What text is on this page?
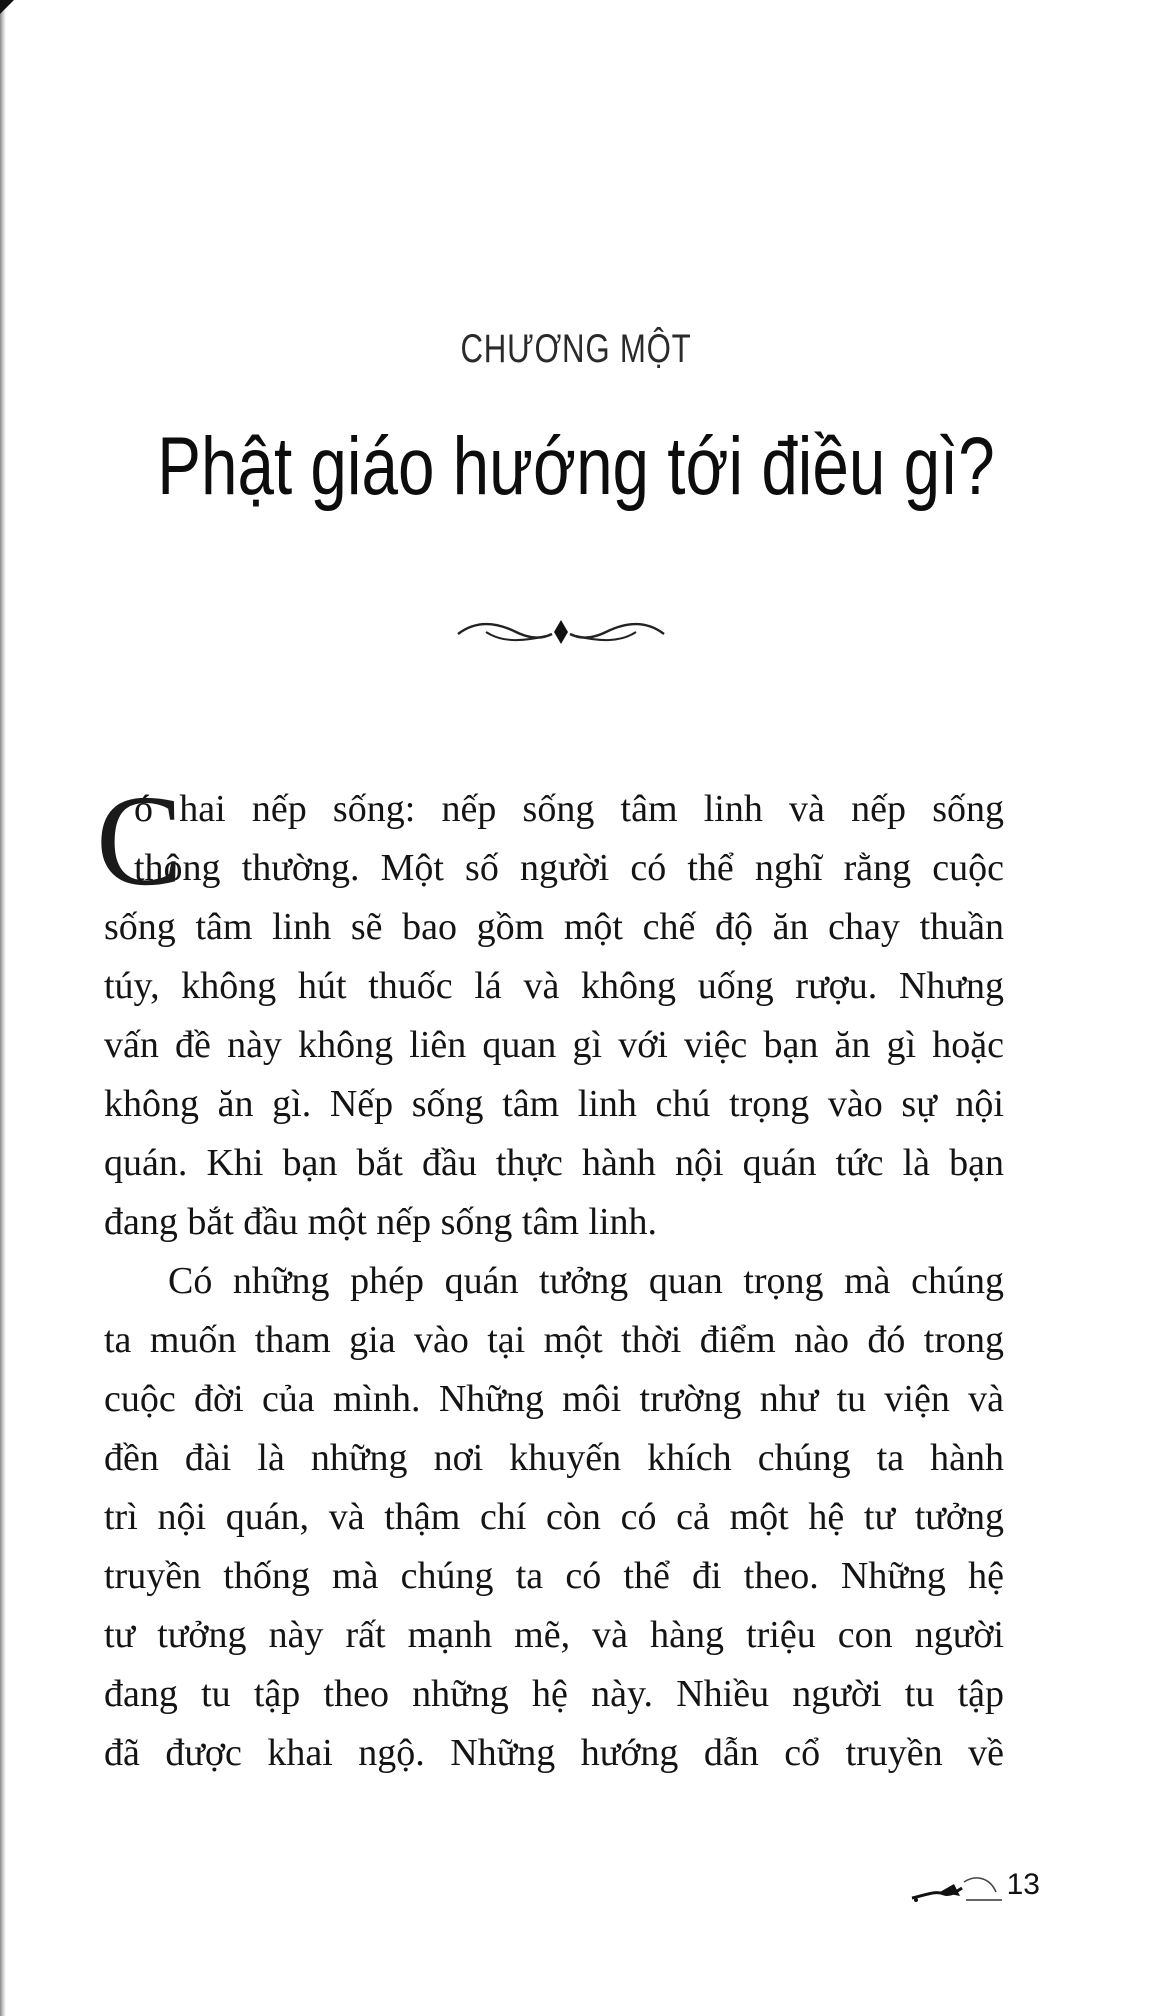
CHƯƠNG MỘT
Phật giáo hướng tới điều gì?
C
ó hai nếp sống: nếp sống tâm linh và nếp sống
thông thường. Một số người có thể nghĩ rằng cuộc
sống tâm linh sẽ bao gồm một chế độ ăn chay thuần
túy, không hút thuốc lá và không uống rượu. Nhưng
vấn đề này không liên quan gì với việc bạn ăn gì hoặc
không ăn gì. Nếp sống tâm linh chú trọng vào sự nội
quán. Khi bạn bắt đầu thực hành nội quán tức là bạn
đang bắt đầu một nếp sống tâm linh.
Có những phép quán tưởng quan trọng mà chúng
ta muốn tham gia vào tại một thời điểm nào đó trong
cuộc đời của mình. Những môi trường như tu viện và
đền đài là những nơi khuyến khích chúng ta hành
trì nội quán, và thậm chí còn có cả một hệ tư tưởng
truyền thống mà chúng ta có thể đi theo. Những hệ
tư tưởng này rất mạnh mẽ, và hàng triệu con người
đang tu tập theo những hệ này. Nhiều người tu tập
đã được khai ngộ. Những hướng dẫn cổ truyền về
13
